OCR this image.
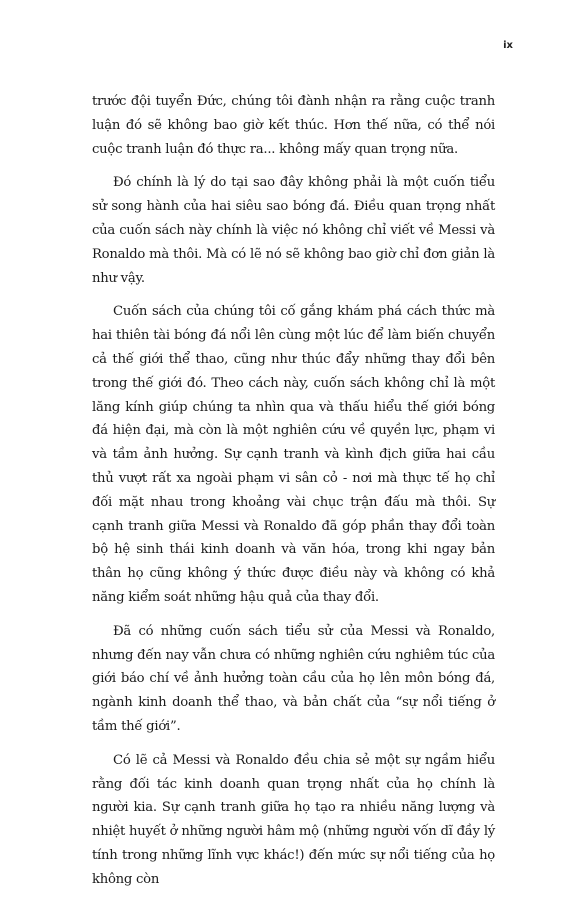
ix

trước đội tuyển Đức, chúng tôi đành nhận ra rằng cuộc tranh luận đó sẽ không bao giờ kết thúc. Hơn thế nữa, có thể nói cuộc tranh luận đó thực ra... không mấy quan trọng nữa.

Đó chính là lý do tại sao đây không phải là một cuốn tiểu sử song hành của hai siêu sao bóng đá. Điều quan trọng nhất của cuốn sách này chính là việc nó không chỉ viết về Messi và Ronaldo mà thôi. Mà có lẽ nó sẽ không bao giờ chỉ đơn giản là như vậy.

Cuốn sách của chúng tôi cố gắng khám phá cách thức mà hai thiên tài bóng đá nổi lên cùng một lúc để làm biến chuyển cả thế giới thể thao, cũng như thúc đẩy những thay đổi bên trong thế giới đó. Theo cách này, cuốn sách không chỉ là một lăng kính giúp chúng ta nhìn qua và thấu hiểu thế giới bóng đá hiện đại, mà còn là một nghiên cứu về quyền lực, phạm vi và tầm ảnh hưởng. Sự cạnh tranh và kình địch giữa hai cầu thủ vượt rất xa ngoài phạm vi sân cỏ - nơi mà thực tế họ chỉ đối mặt nhau trong khoảng vài chục trận đấu mà thôi. Sự cạnh tranh giữa Messi và Ronaldo đã góp phần thay đổi toàn bộ hệ sinh thái kinh doanh và văn hóa, trong khi ngay bản thân họ cũng không ý thức được điều này và không có khả năng kiểm soát những hậu quả của thay đổi.

Đã có những cuốn sách tiểu sử của Messi và Ronaldo, nhưng đến nay vẫn chưa có những nghiên cứu nghiêm túc của giới báo chí về ảnh hưởng toàn cầu của họ lên môn bóng đá, ngành kinh doanh thể thao, và bản chất của “sự nổi tiếng ở tầm thế giới”.

Có lẽ cả Messi và Ronaldo đều chia sẻ một sự ngầm hiểu rằng đối tác kinh doanh quan trọng nhất của họ chính là người kia. Sự cạnh tranh giữa họ tạo ra nhiều năng lượng và nhiệt huyết ở những người hâm mộ (những người vốn dĩ đầy lý tính trong những lĩnh vực khác!) đến mức sự nổi tiếng của họ không còn
